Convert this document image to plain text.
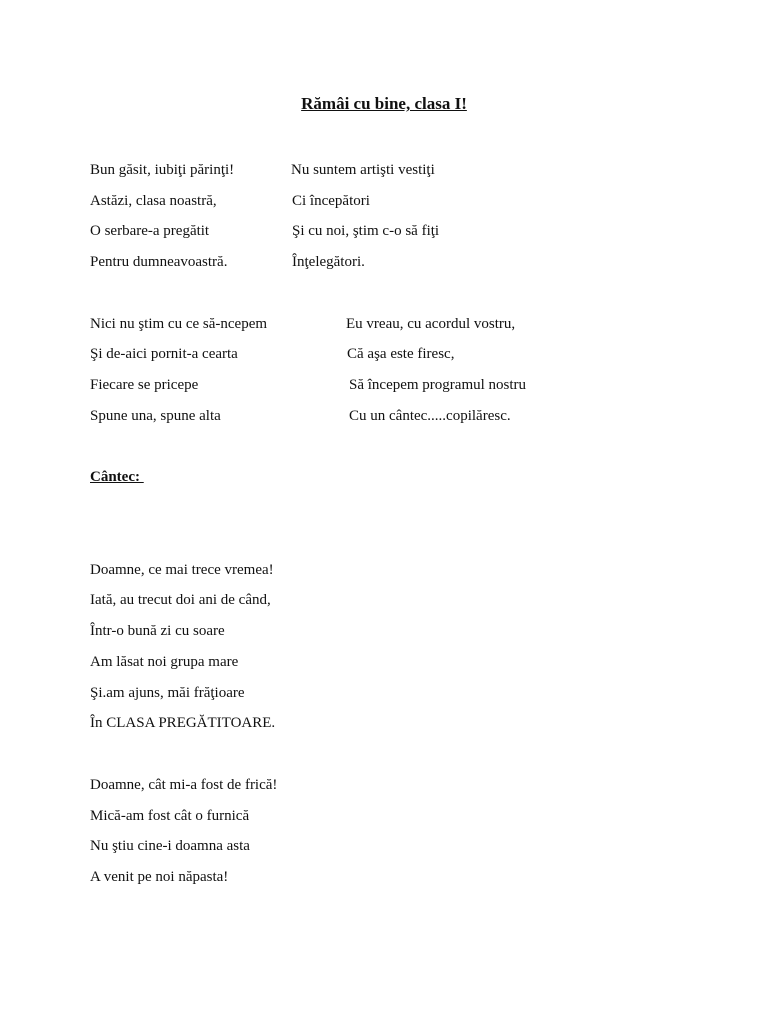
Rămâi cu bine, clasa I!
Bun găsit, iubiţi părinţi!
Astăzi, clasa noastră,
O serbare-a pregătit
Pentru dumneavoastră.
Nu suntem artişti vestiţi
Ci începători
Şi cu noi, ştim c-o să fiţi
Înţelegători.
Nici nu ştim cu ce să-ncepem
Şi de-aici pornit-a cearta
Fiecare se pricepe
Spune una, spune alta
Eu vreau, cu acordul vostru,
Că aşa este firesc,
Să începem programul nostru
Cu un cântec.....copilăresc.
Cântec:
Doamne, ce mai trece vremea!
Iată, au trecut doi ani de când,
Într-o bună zi cu soare
Am lăsat noi grupa mare
Şi.am ajuns, măi frăţioare
În CLASA PREGĂTITOARE.
Doamne, cât mi-a fost de frică!
Mică-am fost cât o furnică
Nu ştiu cine-i doamna asta
A venit pe noi năpasta!
